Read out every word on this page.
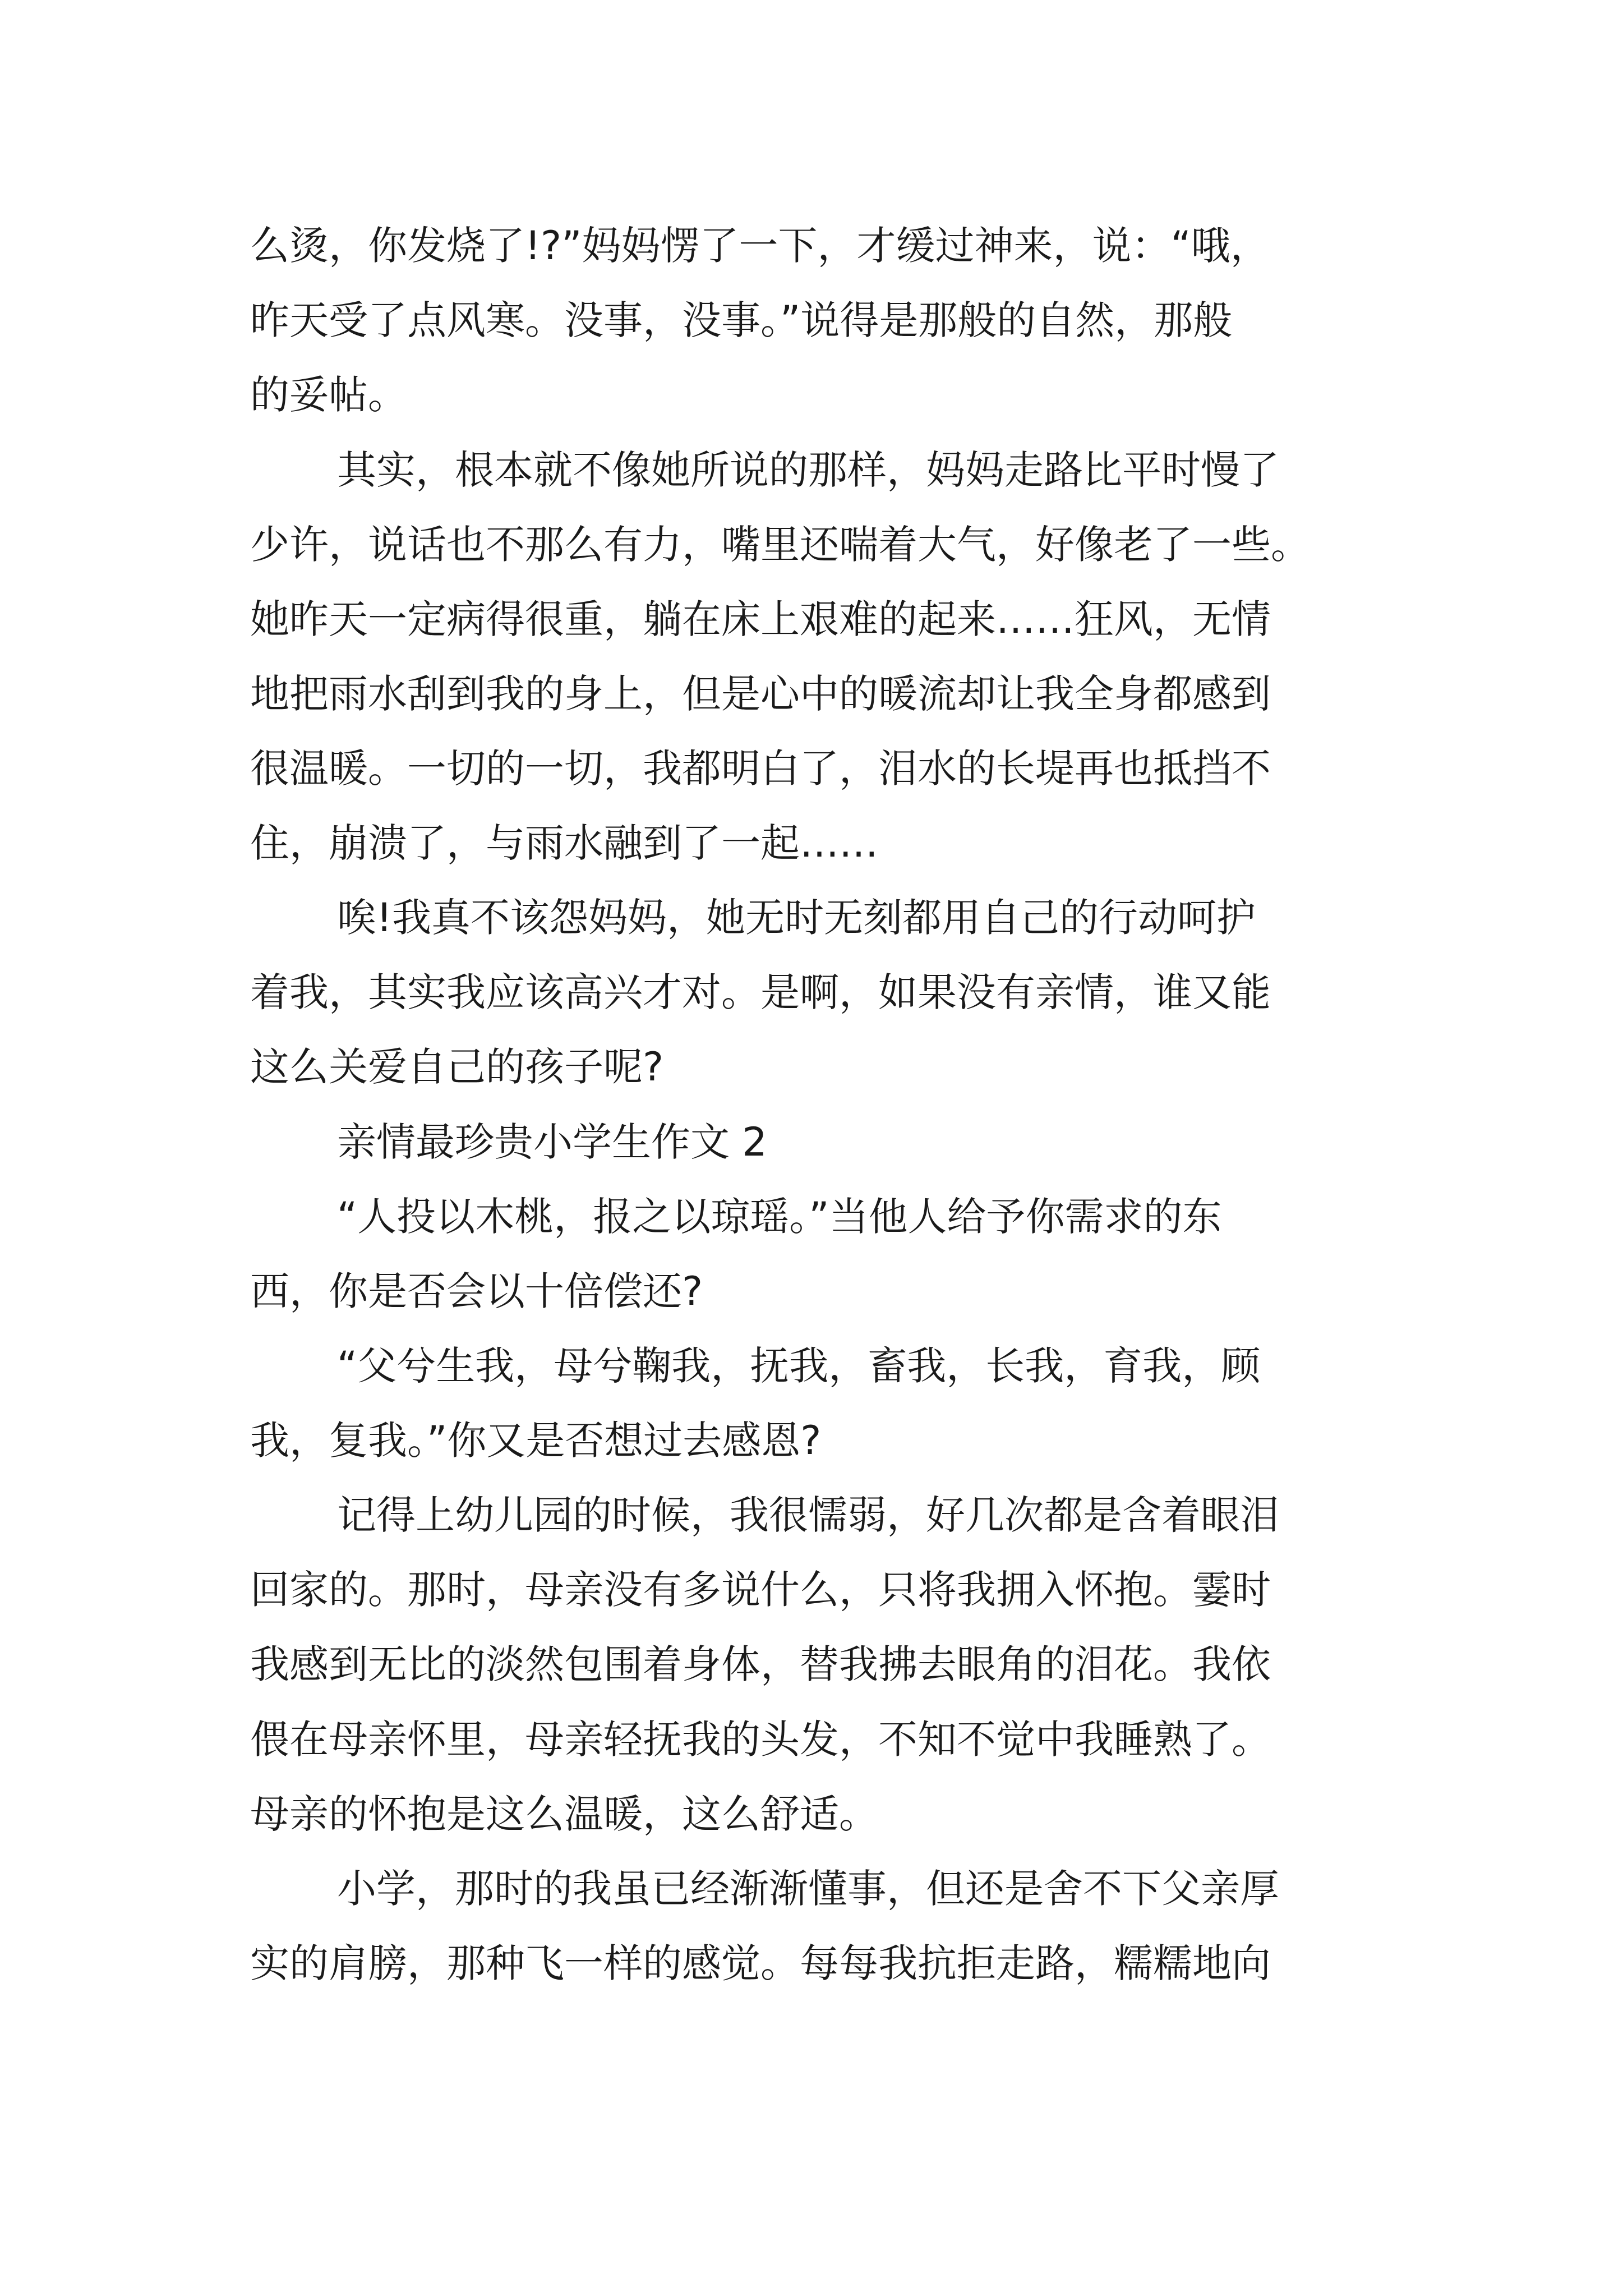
么烫，你发烧了!?”妈妈愣了一下，才缓过神来，说：“哦，

昨天受了点风寒。没事，没事。”说得是那般的自然，那般

的妥帖。

其实，根本就不像她所说的那样，妈妈走路比平时慢了

少许，说话也不那么有力，嘴里还喘着大气，好像老了一些。

她昨天一定病得很重，躺在床上艰难的起来……狂风，无情

地把雨水刮到我的身上，但是心中的暖流却让我全身都感到

很温暖。一切的一切，我都明白了，泪水的长堤再也抵挡不

住，崩溃了，与雨水融到了一起……

唉!我真不该怨妈妈，她无时无刻都用自己的行动呵护

着我，其实我应该高兴才对。是啊，如果没有亲情，谁又能

这么关爱自己的孩子呢?

亲情最珍贵小学生作文 2

“人投以木桃，报之以琼瑶。”当他人给予你需求的东

西，你是否会以十倍偿还?

“父兮生我，母兮鞠我，抚我，畜我，长我，育我，顾

我，复我。”你又是否想过去感恩?

记得上幼儿园的时候，我很懦弱，好几次都是含着眼泪

回家的。那时，母亲没有多说什么，只将我拥入怀抱。霎时

我感到无比的淡然包围着身体，替我拂去眼角的泪花。我依

偎在母亲怀里，母亲轻抚我的头发，不知不觉中我睡熟了。

母亲的怀抱是这么温暖，这么舒适。

小学，那时的我虽已经渐渐懂事，但还是舍不下父亲厚

实的肩膀，那种飞一样的感觉。每每我抗拒走路，糯糯地向
